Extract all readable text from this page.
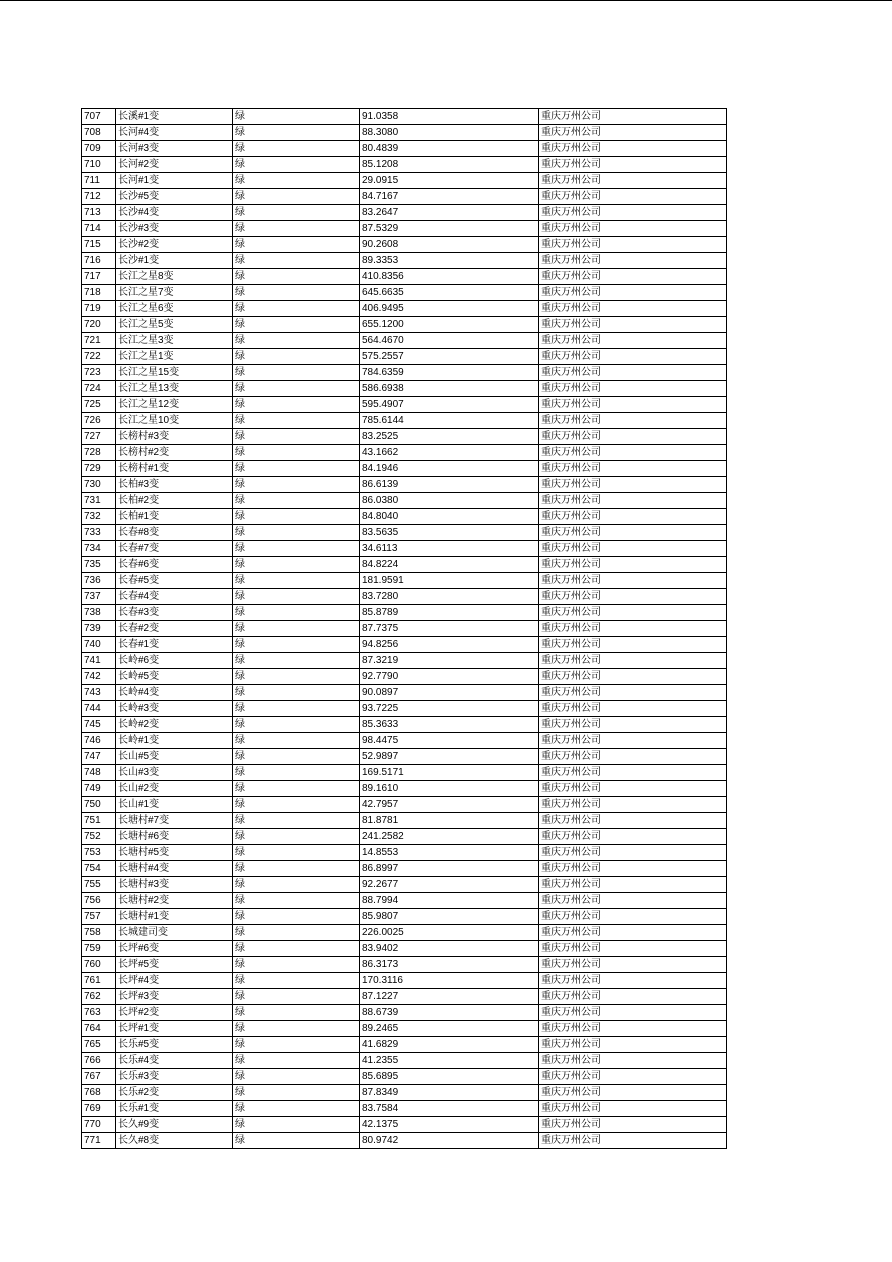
707	长溪#1变	绿	91.0358	重庆万州公司
708	长河#4变	绿	88.3080	重庆万州公司
709	长河#3变	绿	80.4839	重庆万州公司
710	长河#2变	绿	85.1208	重庆万州公司
711	长河#1变	绿	29.0915	重庆万州公司
712	长沙#5变	绿	84.7167	重庆万州公司
713	长沙#4变	绿	83.2647	重庆万州公司
714	长沙#3变	绿	87.5329	重庆万州公司
715	长沙#2变	绿	90.2608	重庆万州公司
716	长沙#1变	绿	89.3353	重庆万州公司
717	长江之星8变	绿	410.8356	重庆万州公司
718	长江之星7变	绿	645.6635	重庆万州公司
719	长江之星6变	绿	406.9495	重庆万州公司
720	长江之星5变	绿	655.1200	重庆万州公司
721	长江之星3变	绿	564.4670	重庆万州公司
722	长江之星1变	绿	575.2557	重庆万州公司
723	长江之星15变	绿	784.6359	重庆万州公司
724	长江之星13变	绿	586.6938	重庆万州公司
725	长江之星12变	绿	595.4907	重庆万州公司
726	长江之星10变	绿	785.6144	重庆万州公司
727	长榜村#3变	绿	83.2525	重庆万州公司
728	长榜村#2变	绿	43.1662	重庆万州公司
729	长榜村#1变	绿	84.1946	重庆万州公司
730	长柏#3变	绿	86.6139	重庆万州公司
731	长柏#2变	绿	86.0380	重庆万州公司
732	长柏#1变	绿	84.8040	重庆万州公司
733	长春#8变	绿	83.5635	重庆万州公司
734	长春#7变	绿	34.6113	重庆万州公司
735	长春#6变	绿	84.8224	重庆万州公司
736	长春#5变	绿	181.9591	重庆万州公司
737	长春#4变	绿	83.7280	重庆万州公司
738	长春#3变	绿	85.8789	重庆万州公司
739	长春#2变	绿	87.7375	重庆万州公司
740	长春#1变	绿	94.8256	重庆万州公司
741	长岭#6变	绿	87.3219	重庆万州公司
742	长岭#5变	绿	92.7790	重庆万州公司
743	长岭#4变	绿	90.0897	重庆万州公司
744	长岭#3变	绿	93.7225	重庆万州公司
745	长岭#2变	绿	85.3633	重庆万州公司
746	长岭#1变	绿	98.4475	重庆万州公司
747	长山#5变	绿	52.9897	重庆万州公司
748	长山#3变	绿	169.5171	重庆万州公司
749	长山#2变	绿	89.1610	重庆万州公司
750	长山#1变	绿	42.7957	重庆万州公司
751	长塘村#7变	绿	81.8781	重庆万州公司
752	长塘村#6变	绿	241.2582	重庆万州公司
753	长塘村#5变	绿	14.8553	重庆万州公司
754	长塘村#4变	绿	86.8997	重庆万州公司
755	长塘村#3变	绿	92.2677	重庆万州公司
756	长塘村#2变	绿	88.7994	重庆万州公司
757	长塘村#1变	绿	85.9807	重庆万州公司
758	长城建司变	绿	226.0025	重庆万州公司
759	长坪#6变	绿	83.9402	重庆万州公司
760	长坪#5变	绿	86.3173	重庆万州公司
761	长坪#4变	绿	170.3116	重庆万州公司
762	长坪#3变	绿	87.1227	重庆万州公司
763	长坪#2变	绿	88.6739	重庆万州公司
764	长坪#1变	绿	89.2465	重庆万州公司
765	长乐#5变	绿	41.6829	重庆万州公司
766	长乐#4变	绿	41.2355	重庆万州公司
767	长乐#3变	绿	85.6895	重庆万州公司
768	长乐#2变	绿	87.8349	重庆万州公司
769	长乐#1变	绿	83.7584	重庆万州公司
770	长久#9变	绿	42.1375	重庆万州公司
771	长久#8变	绿	80.9742	重庆万州公司
